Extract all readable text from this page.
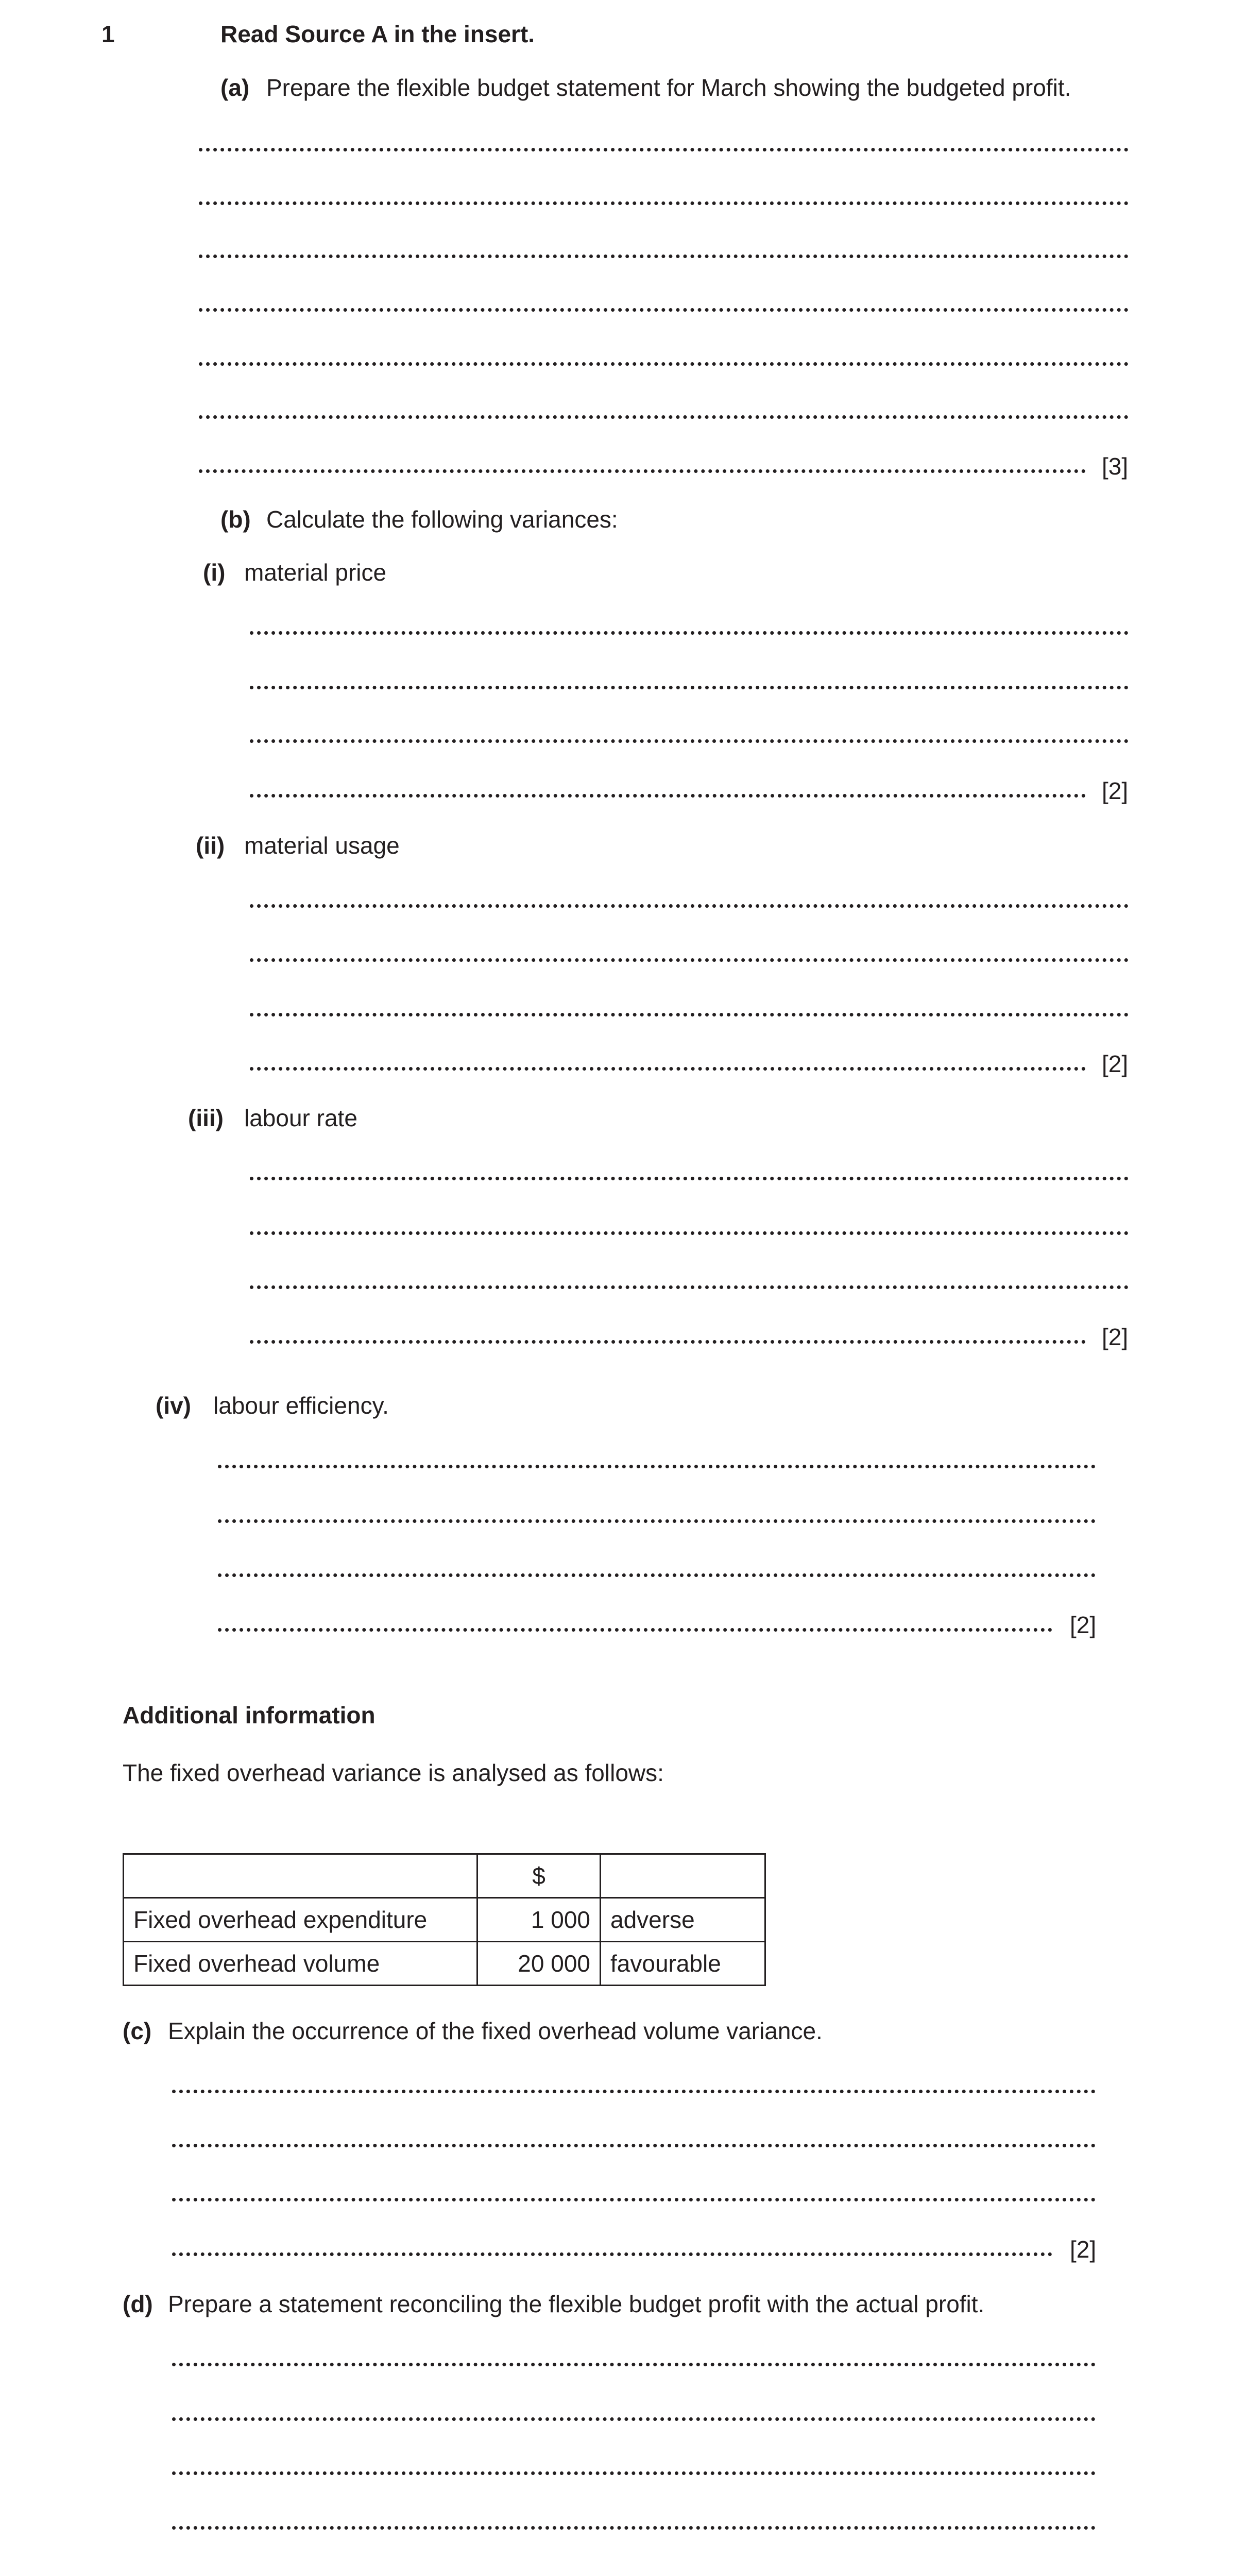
1	Read Source A in the insert.
(a) Prepare the flexible budget statement for March showing the budgeted profit.
[3]
(b) Calculate the following variances:
(i) material price
[2]
(ii) material usage
[2]
(iii) labour rate
[2]
(iv) labour efficiency.
[2]
Additional information
The fixed overhead variance is analysed as follows:
	$	
Fixed overhead expenditure	1 000	adverse
Fixed overhead volume	20 000	favourable
(c) Explain the occurrence of the fixed overhead volume variance.
[2]
(d) Prepare a statement reconciling the flexible budget profit with the actual profit.
